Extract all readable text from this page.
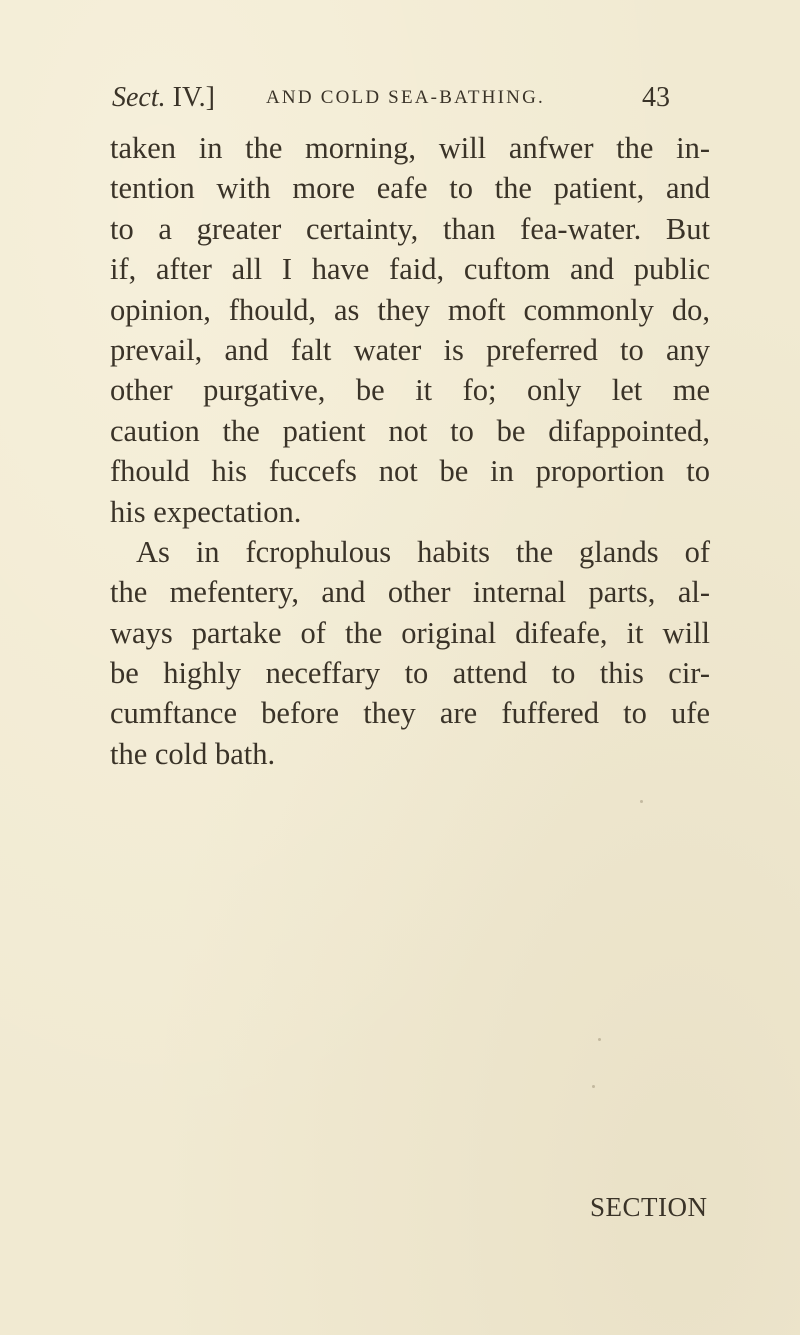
Sect. IV.]	AND COLD SEA-BATHING.	43
taken in the morning, will anfwer the in-
tention with more eafe to the patient, and
to a greater certainty, than fea-water. But
if, after all I have faid, cuftom and public
opinion, fhould, as they moft commonly do,
prevail, and falt water is preferred to any
other purgative, be it fo; only let me
caution the patient not to be difappointed,
fhould his fuccefs not be in proportion to
his expectation.
As in fcrophulous habits the glands of
the mefentery, and other internal parts, al-
ways partake of the original difeafe, it will
be highly neceffary to attend to this cir-
cumftance before they are fuffered to ufe
the cold bath.
SECTION
